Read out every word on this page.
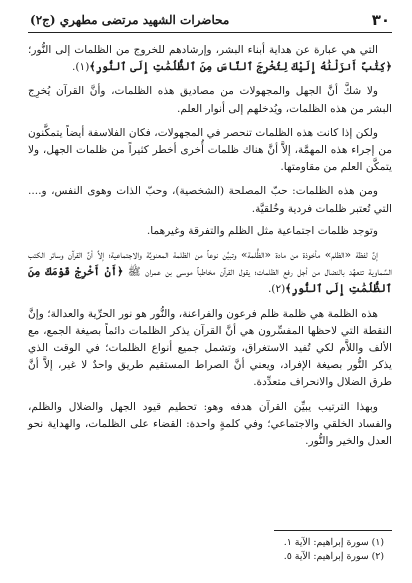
٣٠
محاضرات الشهيد مرتضى مطهري (ج٢)

التي هي عبارة عن هداية أبناء البشر، وإرشادهم للخروج من الظلمات إلى النُّور؛ ﴿كِتَٰبٌ أَنزَلْنَٰهُ إِلَيْكَ لِتُخْرِجَ ٱلنَّاسَ مِنَ ٱلظُّلُمَٰتِ إِلَى ٱلنُّورِ﴾(١).

ولا شكَّ أنَّ الجهل والمجهولات من مصاديق هذه الظلمات، وأنَّ القرآن يُخرِج البشر من هذه الظلمات، ويُدخلهم إلى أنوار العلم.

ولكن إذا كانت هذه الظلمات تنحصر في المجهولات، فكان الفلاسفة أيضاً يتمكَّنون من إجراء هذه المهمَّة، إلاَّ أنَّ هناك ظلمات أُخرى أخطر كثيراً من ظلمات الجهل، ولا يتمكَّن العلم من مقاومتها.

ومن هذه الظلمات: حبّ المصلحة (الشخصية)، وحبّ الذات وهوى النفس، و.... التي تُعتبر ظلمات فردية وخُلقيَّة.

وتوجد ظلمات اجتماعية مثل الظلم والتفرقة وغيرهما.

إنَّ لفظة «الظلم» مأخوذة من مادة «الظُّلمة» وتبيِّن نوعاً من الظلمة المعنويَّة والاجتماعية؛ إلاَّ أنَّ القرآن وسائر الكتب السَّماوية تتعهَّد بالنضال من أجل رفع الظلمات؛ يقول القرآن مخاطباً موسى بن عمران ﷺ ﴿أَنْ أَخْرِجْ قَوْمَكَ مِنَ ٱلظُّلُمَٰتِ إِلَى ٱلنُّورِ﴾(٢).

هذه الظلمة هي ظلمة ظلم فرعون والفراعنة، والنُّور هو نور الحرِّية والعدالة؛ وإنَّ النقطة التي لاحظها المفسِّرون هي أنَّ القرآن يذكر الظلمات دائماً بصيغة الجمع، مع الألف واللاَّم لكي تُفيد الاستغراق، وتشمل جميع أنواع الظلمات؛ في الوقت الذي يذكر النُّور بصيغة الإفراد، ويعني أنَّ الصراط المستقيم طريق واحدٌ لا غير، إلاَّ أنَّ طرق الضلال والانحراف متعدِّدة.

وبهذا الترتيب يبيِّن القرآن هدفه وهو: تحطيم قيود الجهل والضلال والظلم، والفساد الخلقي والاجتماعي؛ وفي كلمةٍ واحدة: القضاء على الظلمات، والهداية نحو العدل والخير والنُّور.

(١) سورة إبراهيم: الآية ١.

(٢) سورة إبراهيم: الآية ٥.
